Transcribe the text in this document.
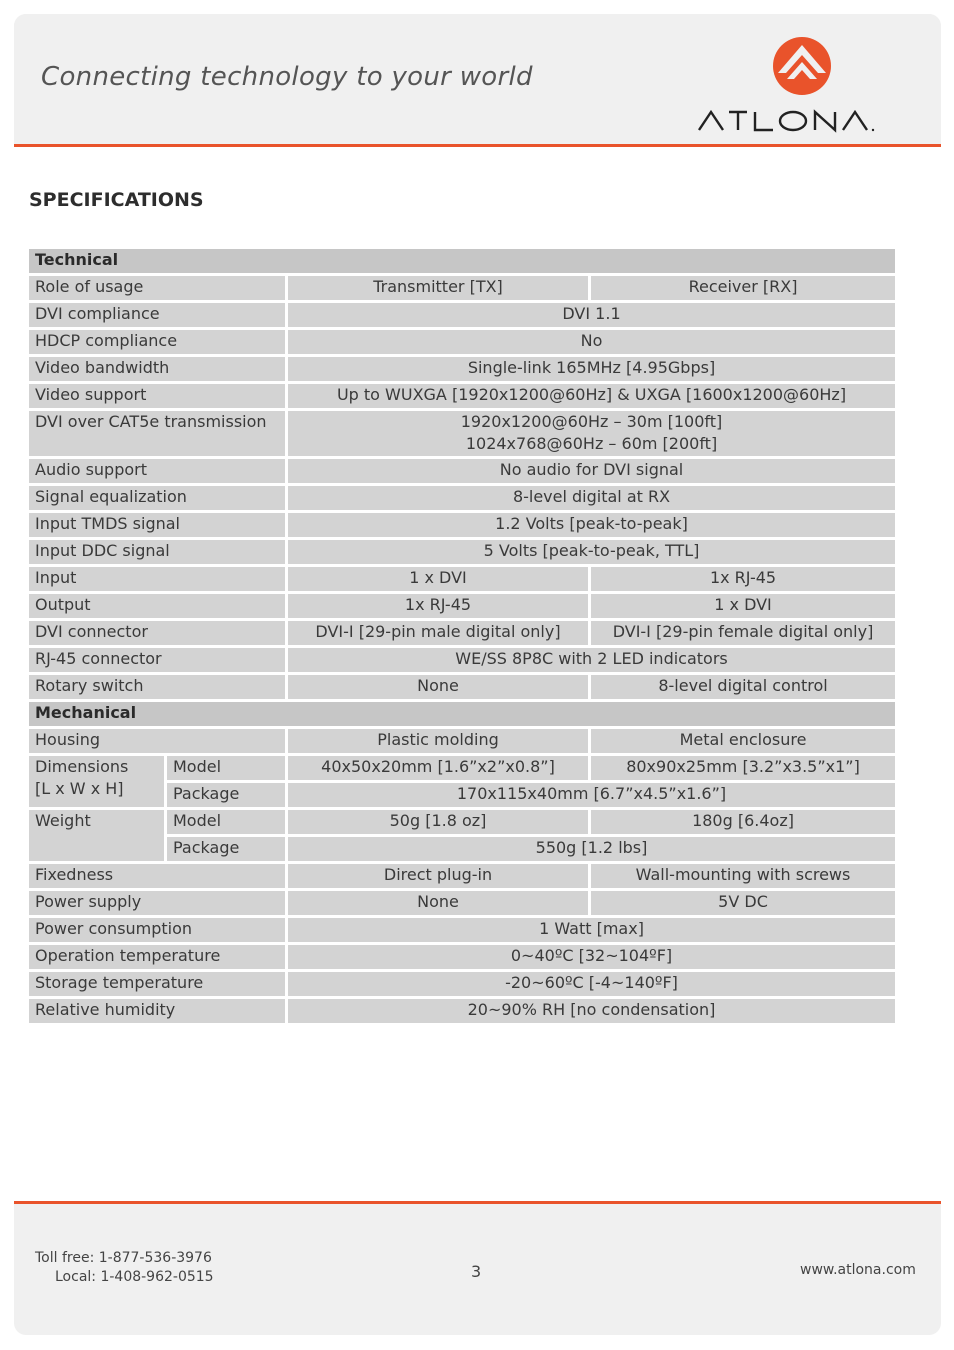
Connecting technology to your world
SPECIFICATIONS
Technical			
Role of usage		Transmitter [TX]	Receiver [RX]
DVI compliance		DVI 1.1	
HDCP compliance		No	
Video bandwidth		Single-link 165MHz [4.95Gbps]	
Video support		Up to WUXGA [1920x1200@60Hz] & UXGA [1600x1200@60Hz]	
DVI over CAT5e transmission		1920x1200@60Hz – 30m [100ft]
1024x768@60Hz – 60m [200ft]	

Audio support		No audio for DVI signal	
Signal equalization		8-level digital at RX	
Input TMDS signal		1.2 Volts [peak-to-peak]	
Input DDC signal		5 Volts [peak-to-peak, TTL]	
Input		1 x DVI	1x RJ-45
Output		1x RJ-45	1 x DVI
DVI connector		DVI-I [29-pin male digital only]	DVI-I [29-pin female digital only]
RJ-45 connector		WE/SS 8P8C with 2 LED indicators	
Rotary switch		None	8-level digital control
Mechanical			
Housing		Plastic molding	Metal enclosure

Dimensions
[L x W x H]	Model	40x50x20mm [1.6”x2”x0.8”]	80x90x25mm [3.2”x3.5”x1”]
	Package	170x115x40mm [6.7”x4.5”x1.6”]	
Weight	Model	50g [1.8 oz]	180g [6.4oz]
	Package	550g [1.2 lbs]	
Fixedness		Direct plug-in	Wall-mounting with screws
Power supply		None	5V DC
Power consumption		1 Watt [max]	
Operation temperature		0~40ºC [32~104ºF]	
Storage temperature		-20~60ºC [-4~140ºF]	
Relative humidity		20~90% RH [no condensation]	
Toll free: 1-877-536-3976
Local: 1-408-962-0515	3	www.atlona.com
